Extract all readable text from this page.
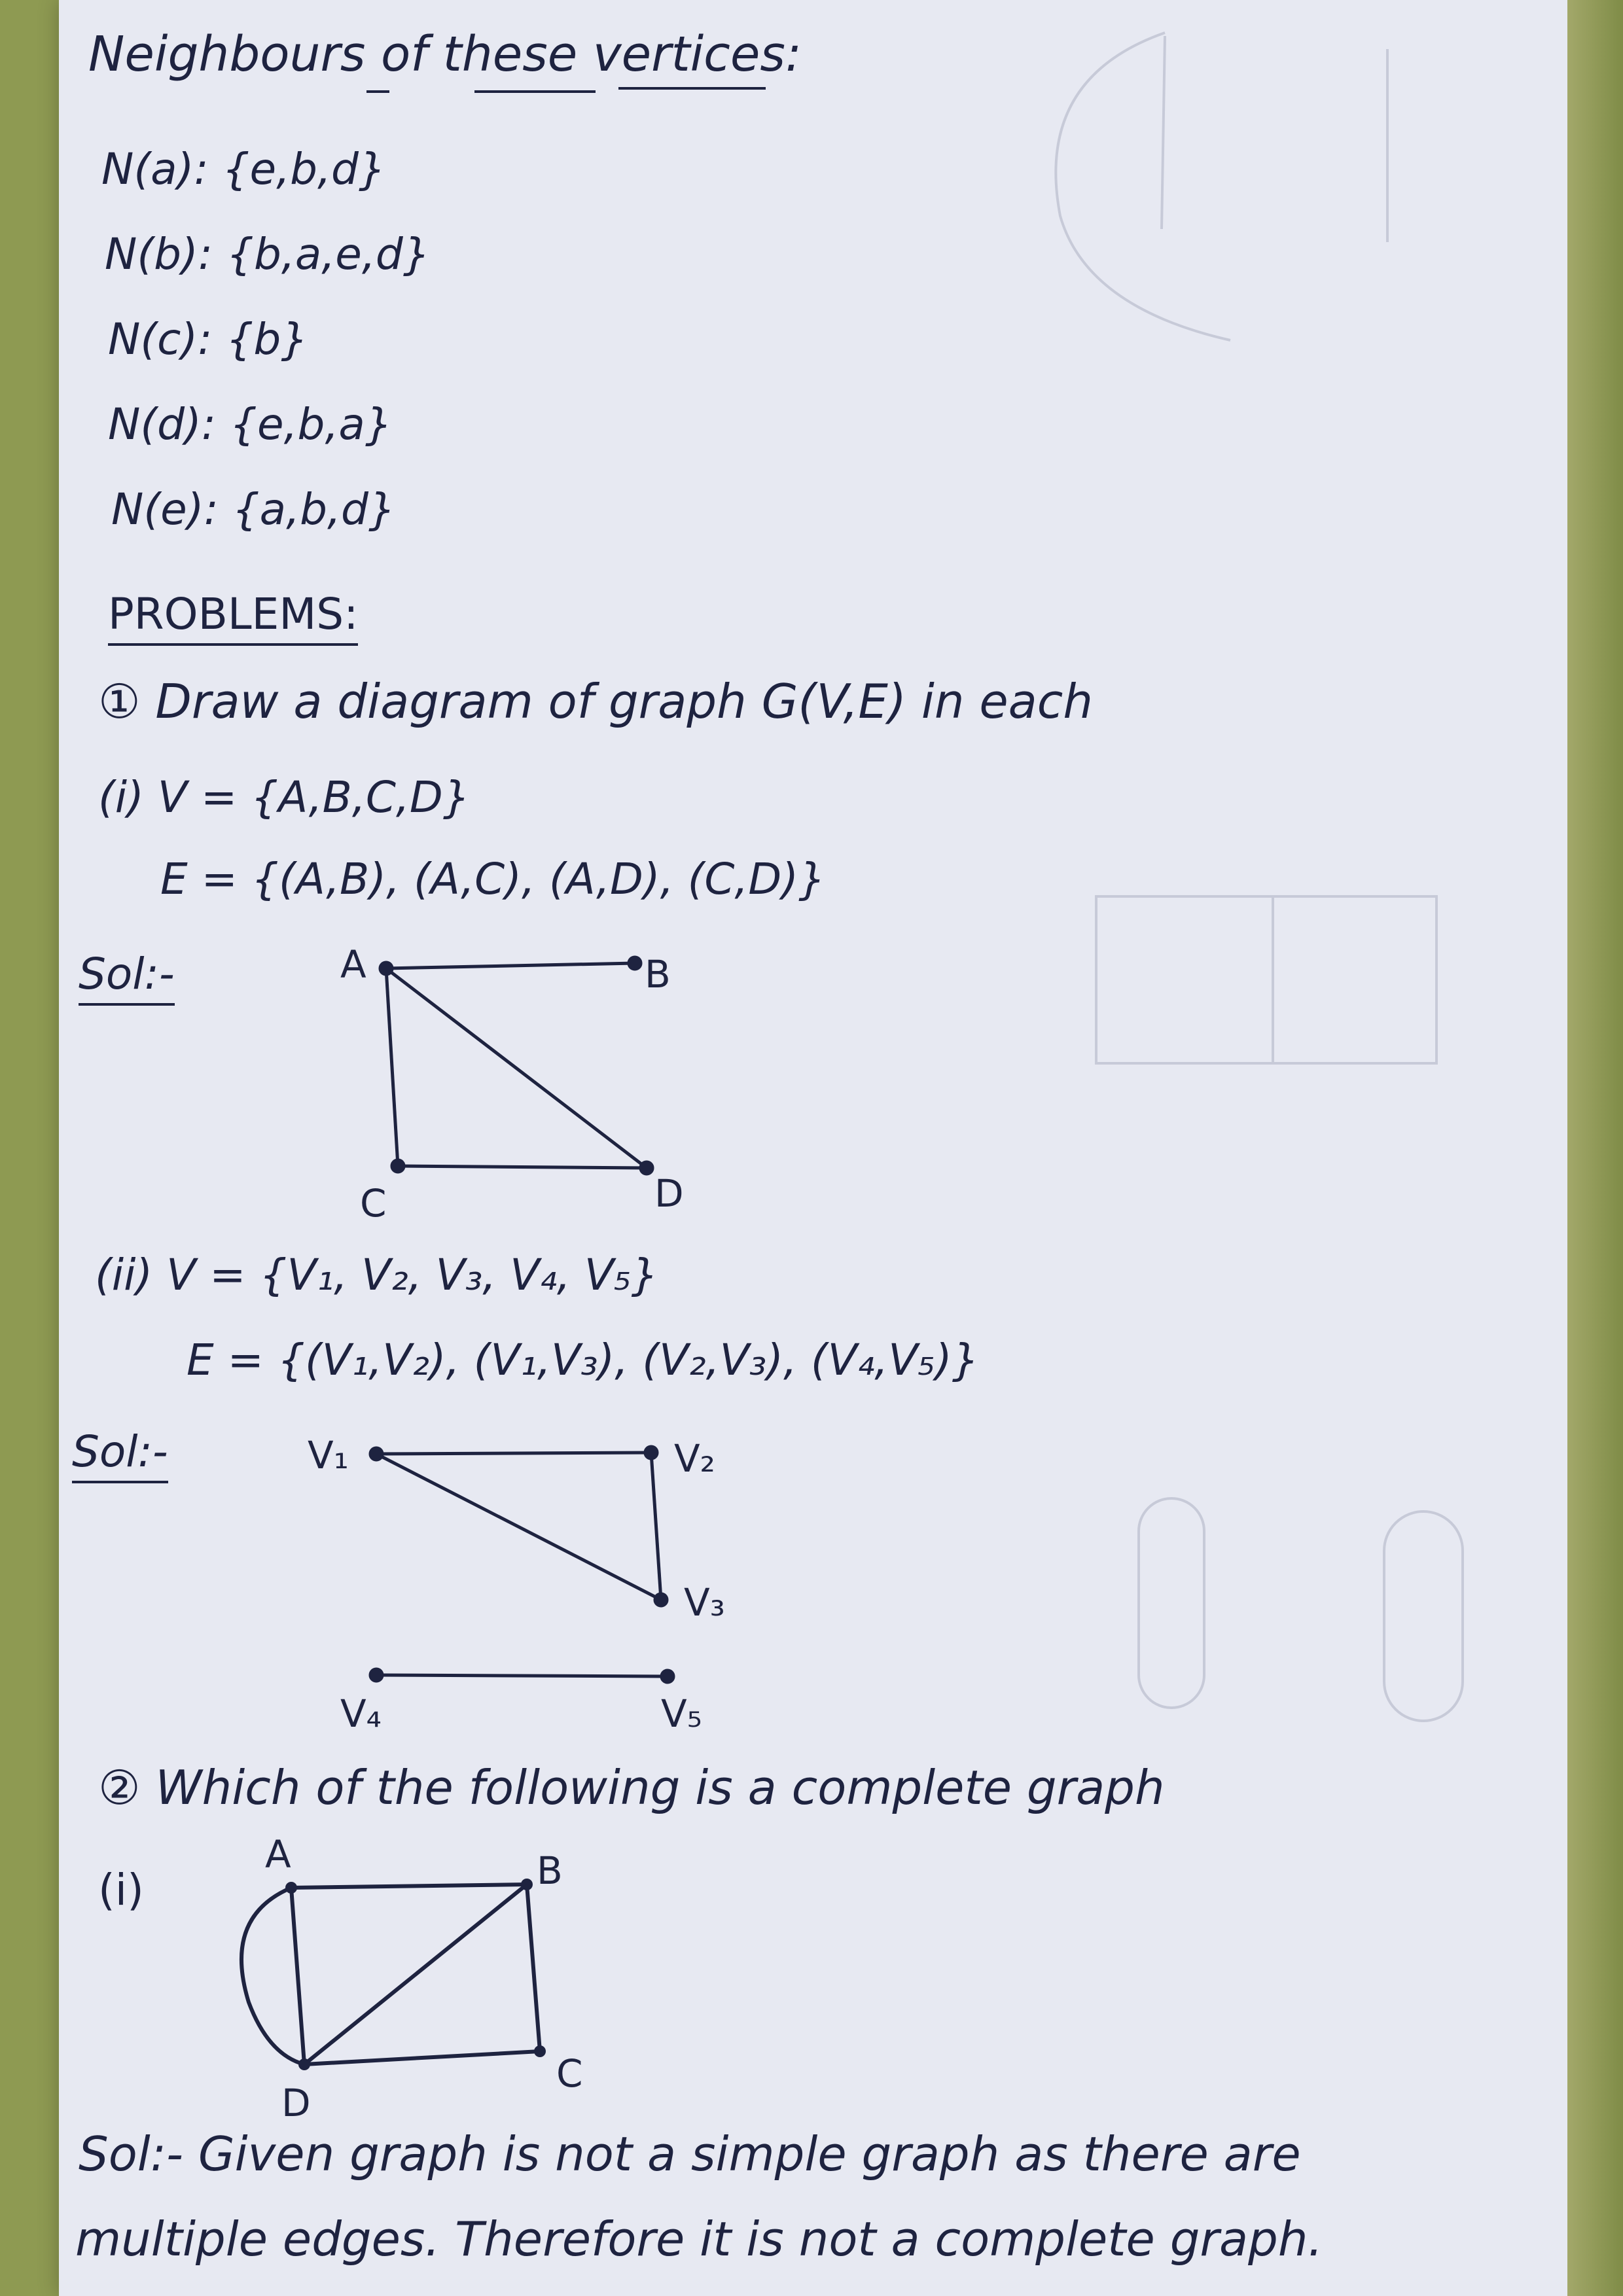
Neighbours of these vertices:
N(a): {e,b,d}
N(b): {b,a,e,d}
N(c): {b}
N(d): {e,b,a}
N(e): {a,b,d}
PROBLEMS:
① Draw a diagram of graph G(V,E) in each
(i) V = {A,B,C,D}
E = {(A,B), (A,C), (A,D), (C,D)}
Sol:-	A	B
C	D
(ii) V = {V₁, V₂, V₃, V₄, V₅}
E = {(V₁,V₂), (V₁,V₃), (V₂,V₃), (V₄,V₅)}
Sol:-	V₁	V₂
V₃
V₄	V₅
② Which of the following is a complete graph
(i)
A	B
C
D
Sol:- Given graph is not a simple graph as there are
multiple edges. Therefore it is not a complete graph.
